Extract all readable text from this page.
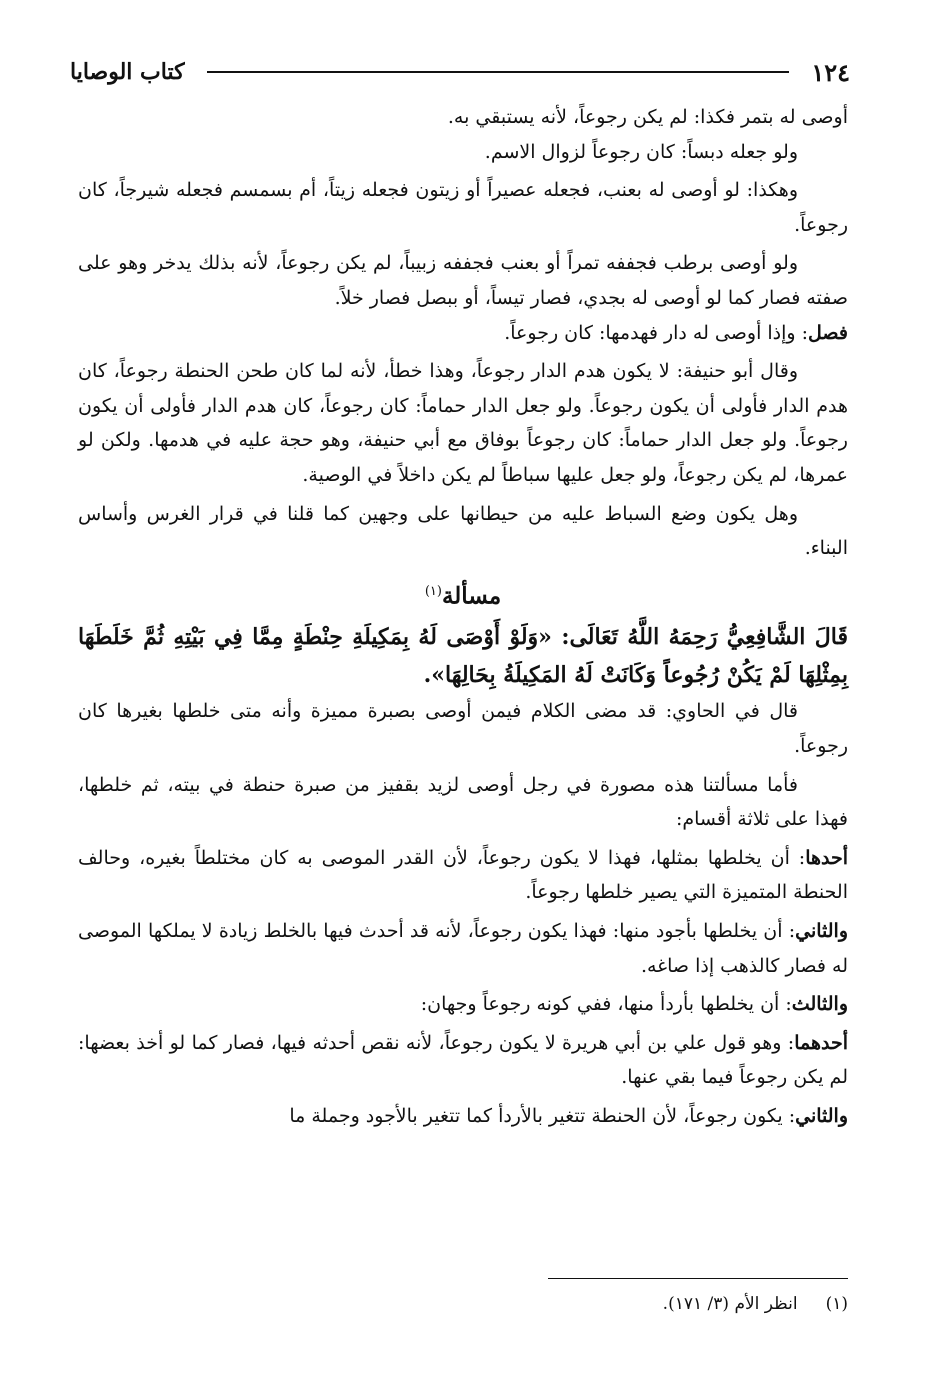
١٢٤
كتاب الوصايا

أوصى له بتمر فكذا: لم يكن رجوعاً، لأنه يستبقي به.

ولو جعله دبساً: كان رجوعاً لزوال الاسم.

وهكذا: لو أوصى له بعنب، فجعله عصيراً أو زيتون فجعله زيتاً، أم بسمسم فجعله شيرجاً، كان رجوعاً.

ولو أوصى برطب فجففه تمراً أو بعنب فجففه زبيباً، لم يكن رجوعاً، لأنه بذلك يدخر وهو على صفته فصار كما لو أوصى له بجدي، فصار تيساً، أو ببصل فصار خلاً.

فصل: وإذا أوصى له دار فهدمها: كان رجوعاً.

وقال أبو حنيفة: لا يكون هدم الدار رجوعاً، وهذا خطأ، لأنه لما كان طحن الحنطة رجوعاً، كان هدم الدار فأولى أن يكون رجوعاً. ولو جعل الدار حماماً: كان رجوعاً، كان هدم الدار فأولى أن يكون رجوعاً. ولو جعل الدار حماماً: كان رجوعاً بوفاق مع أبي حنيفة، وهو حجة عليه في هدمها. ولكن لو عمرها، لم يكن رجوعاً، ولو جعل عليها سباطاً لم يكن داخلاً في الوصية.

وهل يكون وضع السباط عليه من حيطانها على وجهين كما قلنا في قرار الغرس وأساس البناء.

مسألة$^{(١)}$

قَالَ الشَّافِعِيُّ رَحِمَهُ اللَّهُ تَعَالَى: «وَلَوْ أَوْصَى لَهُ بِمَكِيلَةِ حِنْطَةٍ مِمَّا فِي بَيْتِهِ ثُمَّ خَلَطَهَا بِمِثْلِهَا لَمْ يَكُنْ رُجُوعاً وَكَانَتْ لَهُ المَكِيلَةُ بِحَالِهَا».

قال في الحاوي: قد مضى الكلام فيمن أوصى بصبرة مميزة وأنه متى خلطها بغيرها كان رجوعاً.

فأما مسألتنا هذه مصورة في رجل أوصى لزيد بقفيز من صبرة حنطة في بيته، ثم خلطها، فهذا على ثلاثة أقسام:

أحدها: أن يخلطها بمثلها، فهذا لا يكون رجوعاً، لأن القدر الموصى به كان مختلطاً بغيره، وحالف الحنطة المتميزة التي يصير خلطها رجوعاً.

والثاني: أن يخلطها بأجود منها: فهذا يكون رجوعاً، لأنه قد أحدث فيها بالخلط زيادة لا يملكها الموصى له فصار كالذهب إذا صاغه.

والثالث: أن يخلطها بأردأ منها، ففي كونه رجوعاً وجهان:

أحدهما: وهو قول علي بن أبي هريرة لا يكون رجوعاً، لأنه نقص أحدثه فيها، فصار كما لو أخذ بعضها: لم يكن رجوعاً فيما بقي عنها.

والثاني: يكون رجوعاً، لأن الحنطة تتغير بالأردأ كما تتغير بالأجود وجملة ما

(١)
انظر الأم (٣/ ١٧١).
